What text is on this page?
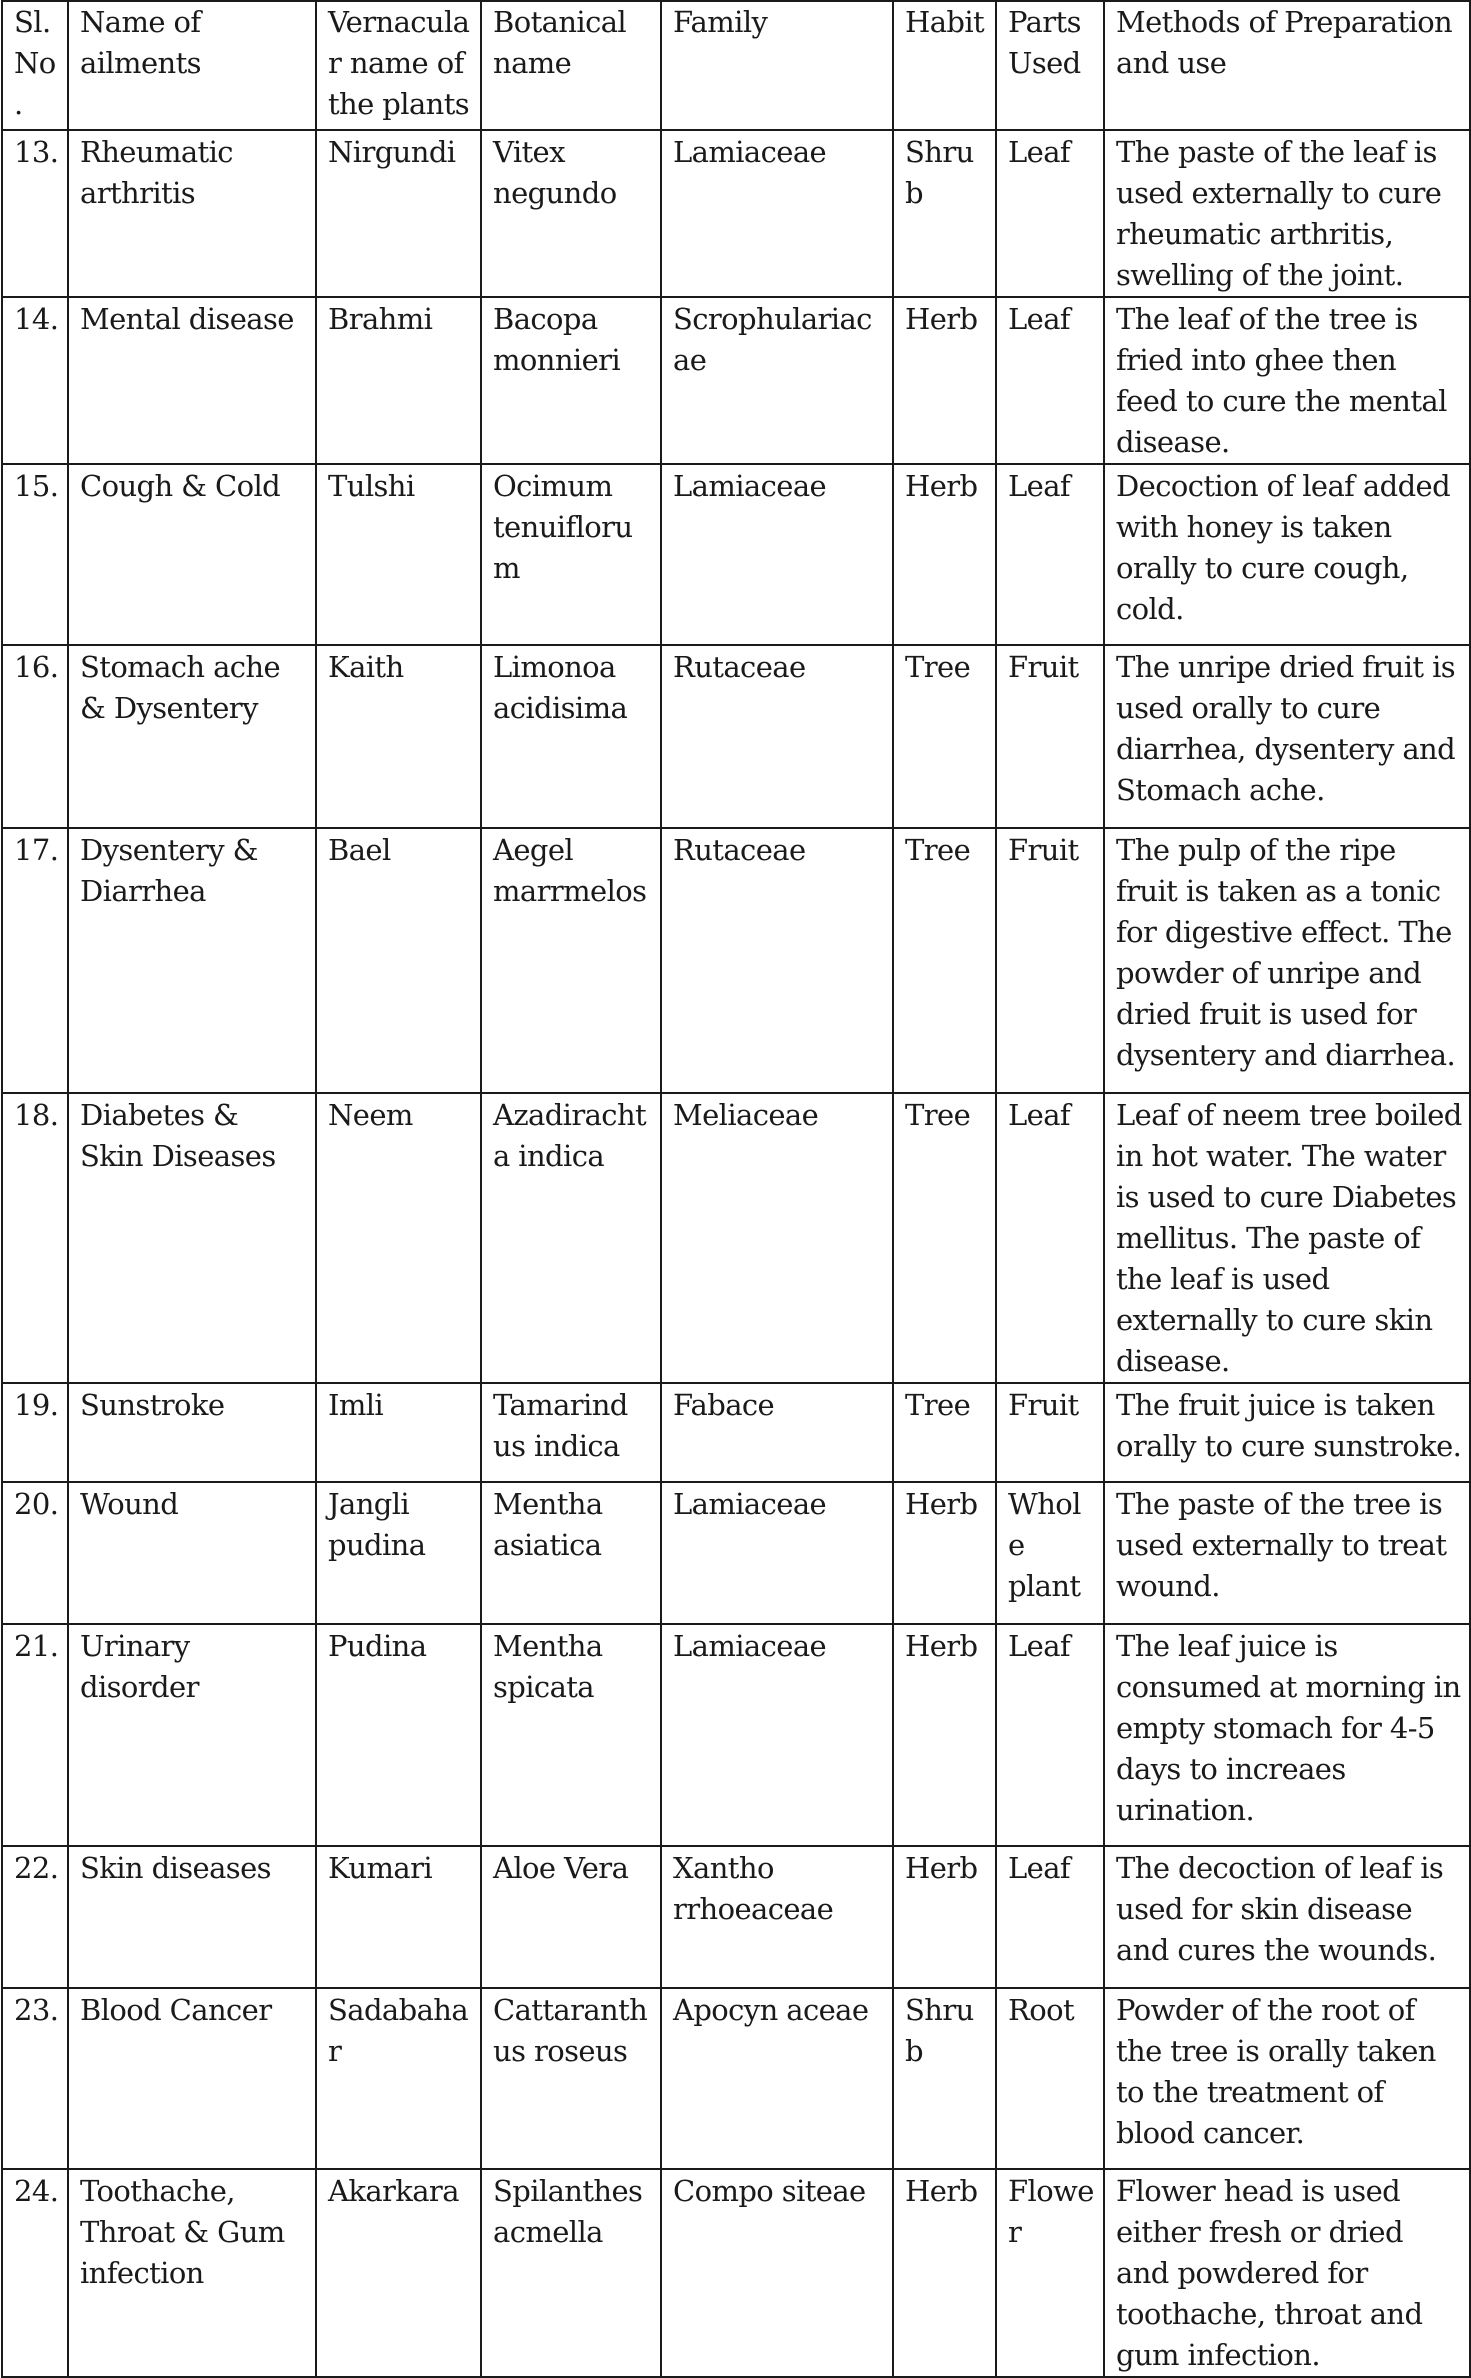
Sl. No.	Name of ailments	Vernacular name of the plants	Botanical name	Family	Habit	Parts Used	Methods of Preparation and use
13.	Rheumatic arthritis	Nirgundi	Vitex negundo	Lamiaceae	Shrub	Leaf	The paste of the leaf is used externally to cure rheumatic arthritis, swelling of the joint.
14.	Mental disease	Brahmi	Bacopa monnieri	Scrophulariacae	Herb	Leaf	The leaf of the tree is fried into ghee then feed to cure the mental disease.
15.	Cough & Cold	Tulshi	Ocimum tenuiflorum	Lamiaceae	Herb	Leaf	Decoction of leaf added with honey is taken orally to cure cough, cold.
16.	Stomach ache & Dysentery	Kaith	Limonoa acidisima	Rutaceae	Tree	Fruit	The unripe dried fruit is used orally to cure diarrhea, dysentery and Stomach ache.
17.	Dysentery & Diarrhea	Bael	Aegel marrmelos	Rutaceae	Tree	Fruit	The pulp of the ripe fruit is taken as a tonic for digestive effect. The powder of unripe and dried fruit is used for dysentery and diarrhea.
18.	Diabetes & Skin Diseases	Neem	Azadirachta indica	Meliaceae	Tree	Leaf	Leaf of neem tree boiled in hot water. The water is used to cure Diabetes mellitus. The paste of the leaf is used externally to cure skin disease.
19.	Sunstroke	Imli	Tamarind us indica	Fabace	Tree	Fruit	The fruit juice is taken orally to cure sunstroke.
20.	Wound	Jangli pudina	Mentha asiatica	Lamiaceae	Herb	Whole plant	The paste of the tree is used externally to treat wound.
21.	Urinary disorder	Pudina	Mentha spicata	Lamiaceae	Herb	Leaf	The leaf juice is consumed at morning in empty stomach for 4-5 days to increaes urination.
22.	Skin diseases	Kumari	Aloe Vera	Xantho rrhoeaceae	Herb	Leaf	The decoction of leaf is used for skin disease and cures the wounds.
23.	Blood Cancer	Sadabahar	Cattaranth us roseus	Apocyn aceae	Shrub	Root	Powder of the root of the tree is orally taken to the treatment of blood cancer.
24.	Toothache, Throat & Gum infection	Akarkara	Spilanthes acmella	Compo siteae	Herb	Flower	Flower head is used either fresh or dried and powdered for toothache, throat and gum infection.
